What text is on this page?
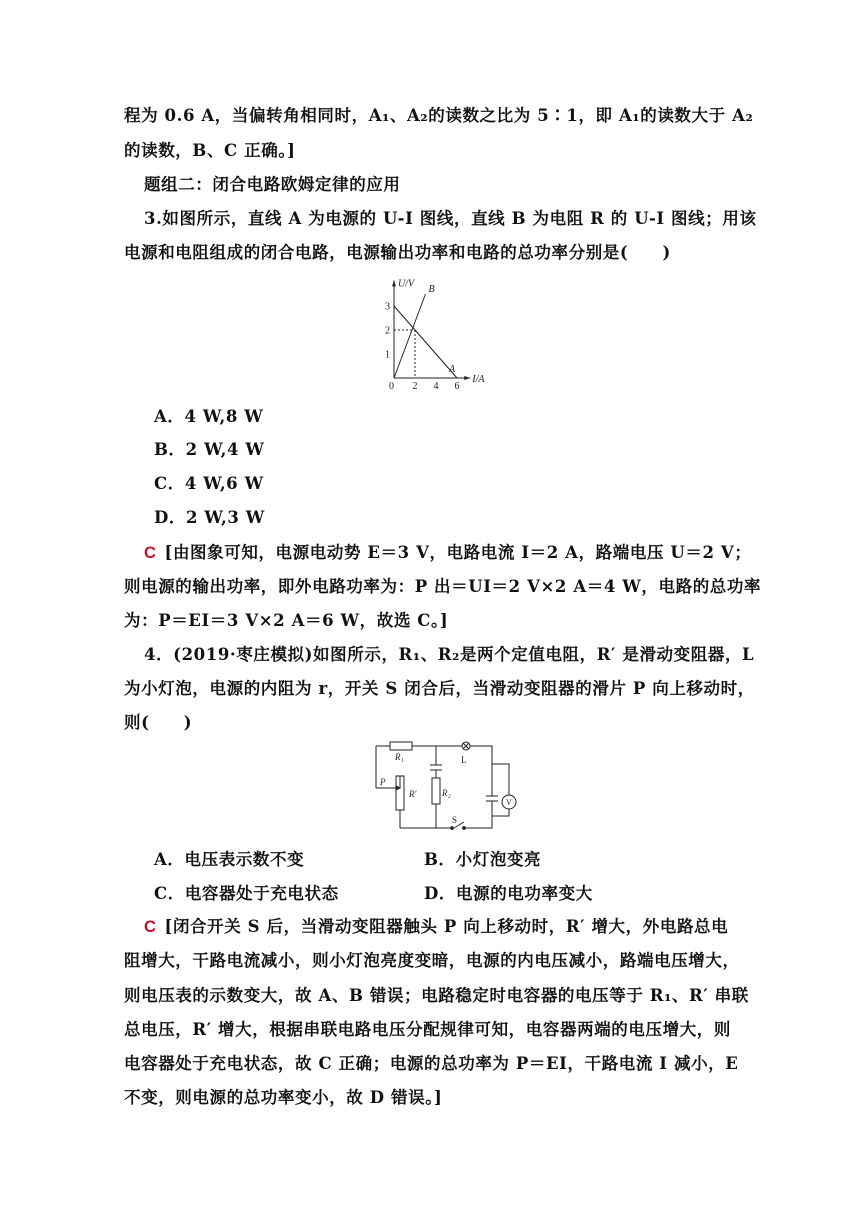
程为 0.6 A，当偏转角相同时，A₁、A₂的读数之比为 5∶1，即 A₁的读数大于 A₂
的读数，B、C 正确。]
题组二：闭合电路欧姆定律的应用
3.如图所示，直线 A 为电源的 U-I 图线，直线 B 为电阻 R 的 U-I 图线；用该
电源和电阻组成的闭合电路，电源输出功率和电路的总功率分别是(　　)
A
B
0 2 4 6
1
2
3
I/A
U/V
A．4 W,8 W
B．2 W,4 W
C．4 W,6 W
D．2 W,3 W
C [由图象可知，电源电动势 E＝3 V，电路电流 I＝2 A，路端电压 U＝2 V；
则电源的输出功率，即外电路功率为：P 出＝UI＝2 V×2 A＝4 W，电路的总功率
为：P＝EI＝3 V×2 A＝6 W，故选 C。]
4．(2019·枣庄模拟)如图所示，R₁、R₂是两个定值电阻，R′ 是滑动变阻器，L
为小灯泡，电源的内阻为 r，开关 S 闭合后，当滑动变阻器的滑片 P 向上移动时，
则(　　)
R₁	L
P
R′	R₂
S
V
A．电压表示数不变	B．小灯泡变亮
C．电容器处于充电状态	D．电源的电功率变大
C [闭合开关 S 后，当滑动变阻器触头 P 向上移动时，R′ 增大，外电路总电
阻增大，干路电流减小，则小灯泡亮度变暗，电源的内电压减小，路端电压增大，
则电压表的示数变大，故 A、B 错误；电路稳定时电容器的电压等于 R₁、R′ 串联
总电压，R′ 增大，根据串联电路电压分配规律可知，电容器两端的电压增大，则
电容器处于充电状态，故 C 正确；电源的总功率为 P＝EI，干路电流 I 减小，E
不变，则电源的总功率变小，故 D 错误。]
